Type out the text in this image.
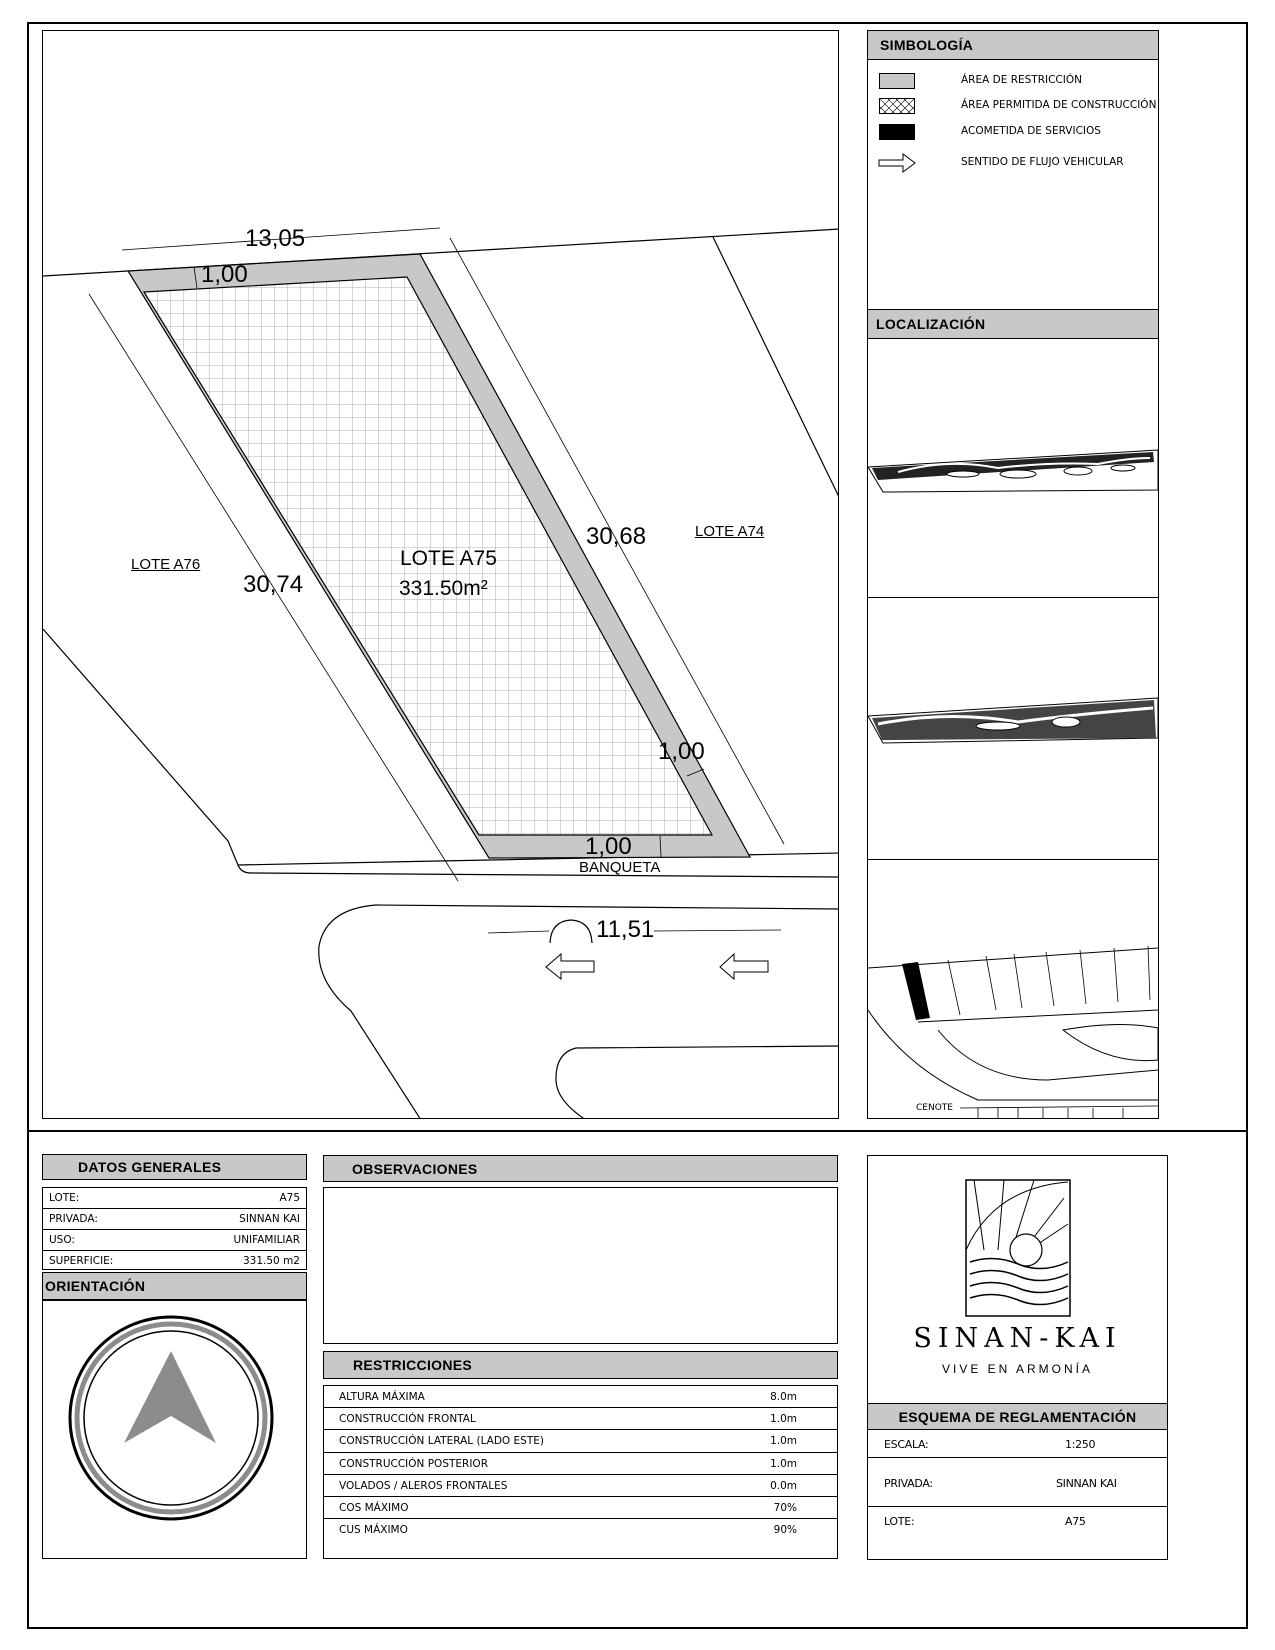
13,05
1,00
30,74
30,68
1,00
1,00
11,51
BANQUETA
LOTE A75
331.50m²
LOTE A76
LOTE A74
SIMBOLOGÍA
ÁREA DE RESTRICCIÓN
ÁREA PERMITIDA DE CONSTRUCCIÓN
ACOMETIDA DE SERVICIOS
SENTIDO DE FLUJO VEHICULAR
LOCALIZACIÓN
CENOTE
DATOS GENERALES
LOTE:	A75
PRIVADA:	SINNAN KAI
USO:	UNIFAMILIAR
SUPERFICIE:	331.50 m2
ORIENTACIÓN
OBSERVACIONES
RESTRICCIONES
ALTURA MÁXIMA	8.0m
CONSTRUCCIÓN FRONTAL	1.0m
CONSTRUCCIÓN LATERAL (LADO ESTE)	1.0m
CONSTRUCCIÓN POSTERIOR	1.0m
VOLADOS / ALEROS FRONTALES	0.0m
COS MÁXIMO	70%
CUS MÁXIMO	90%
SINAN-KAI
VIVE EN ARMONÍA
ESQUEMA DE REGLAMENTACIÓN
ESCALA:	1:250
PRIVADA:	SINNAN KAI
LOTE:	A75
